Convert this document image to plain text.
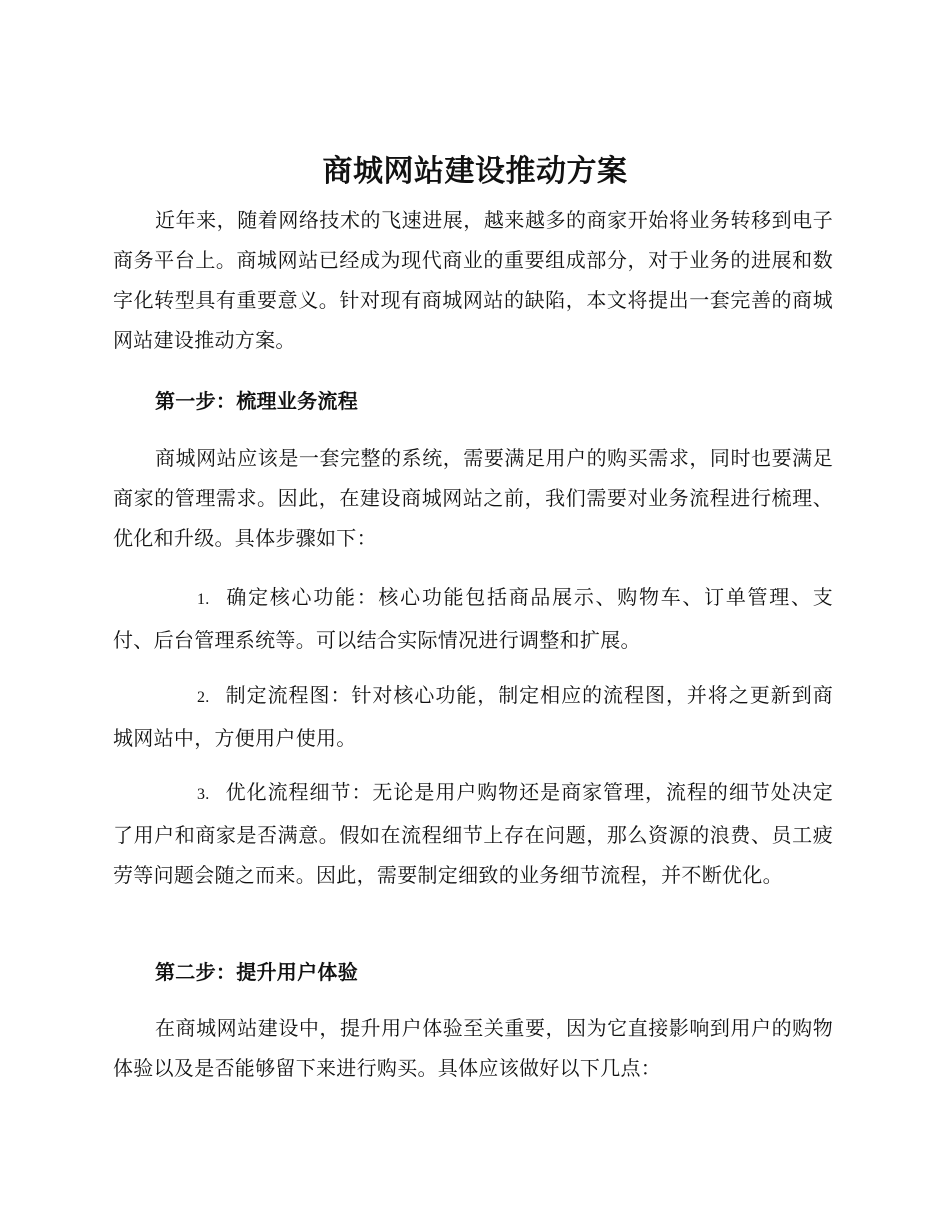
商城网站建设推动方案

近年来，随着网络技术的飞速进展，越来越多的商家开始将业务转移到电子商务平台上。商城网站已经成为现代商业的重要组成部分，对于业务的进展和数字化转型具有重要意义。针对现有商城网站的缺陷，本文将提出一套完善的商城网站建设推动方案。

第一步：梳理业务流程

商城网站应该是一套完整的系统，需要满足用户的购买需求，同时也要满足商家的管理需求。因此，在建设商城网站之前，我们需要对业务流程进行梳理、优化和升级。具体步骤如下：

1. 确定核心功能：核心功能包括商品展示、购物车、订单管理、支付、后台管理系统等。可以结合实际情况进行调整和扩展。

2. 制定流程图：针对核心功能，制定相应的流程图，并将之更新到商城网站中，方便用户使用。

3. 优化流程细节：无论是用户购物还是商家管理，流程的细节处决定了用户和商家是否满意。假如在流程细节上存在问题，那么资源的浪费、员工疲劳等问题会随之而来。因此，需要制定细致的业务细节流程，并不断优化。

第二步：提升用户体验

在商城网站建设中，提升用户体验至关重要，因为它直接影响到用户的购物体验以及是否能够留下来进行购买。具体应该做好以下几点：
